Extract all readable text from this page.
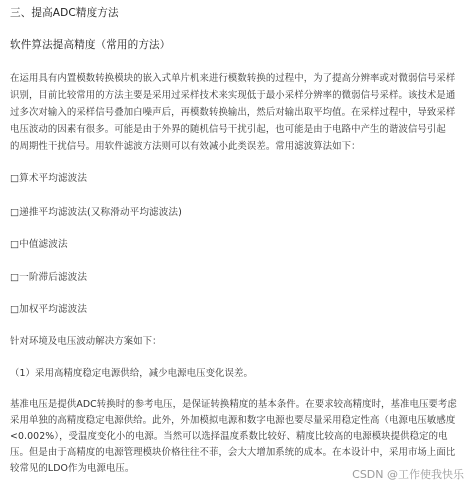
三、提高ADC精度方法
软件算法提高精度（常用的方法）
在运用具有内置模数转换模块的嵌入式单片机来进行模数转换的过程中，为了提高分辨率或对微弱信号采样
识别，目前比较常用的方法主要是采用过采样技术来实现低于最小采样分辨率的微弱信号采样。该技术是通
过多次对输入的采样信号叠加白噪声后，再模数转换输出，然后对输出取平均值。在采样过程中，导致采样
电压波动的因素有很多。可能是由于外界的随机信号干扰引起，也可能是由于电路中产生的谐波信号引起
的周期性干扰信号。用软件滤波方法则可以有效减小此类误差。常用滤波算法如下：
□算术平均滤波法
□递推平均滤波法(又称滑动平均滤波法)
□中值滤波法
□一阶滞后滤波法
□加权平均滤波法
针对环境及电压波动解决方案如下：
（1）采用高精度稳定电源供给，减少电源电压变化误差。
基准电压是提供ADC转换时的参考电压，是保证转换精度的基本条件。在要求较高精度时，基准电压要考虑
采用单独的高精度稳定电源供给。此外，外加模拟电源和数字电源也要尽量采用稳定性高（电源电压敏感度
<0.002%），受温度变化小的电源。当然可以选择温度系数比较好、精度比较高的电源模块提供稳定的电
压。但是由于高精度的电源管理模块价格往往不菲，会大大增加系统的成本。在本设计中，采用市场上面比
较常见的LDO作为电源电压。	CSDN @工作使我快乐
